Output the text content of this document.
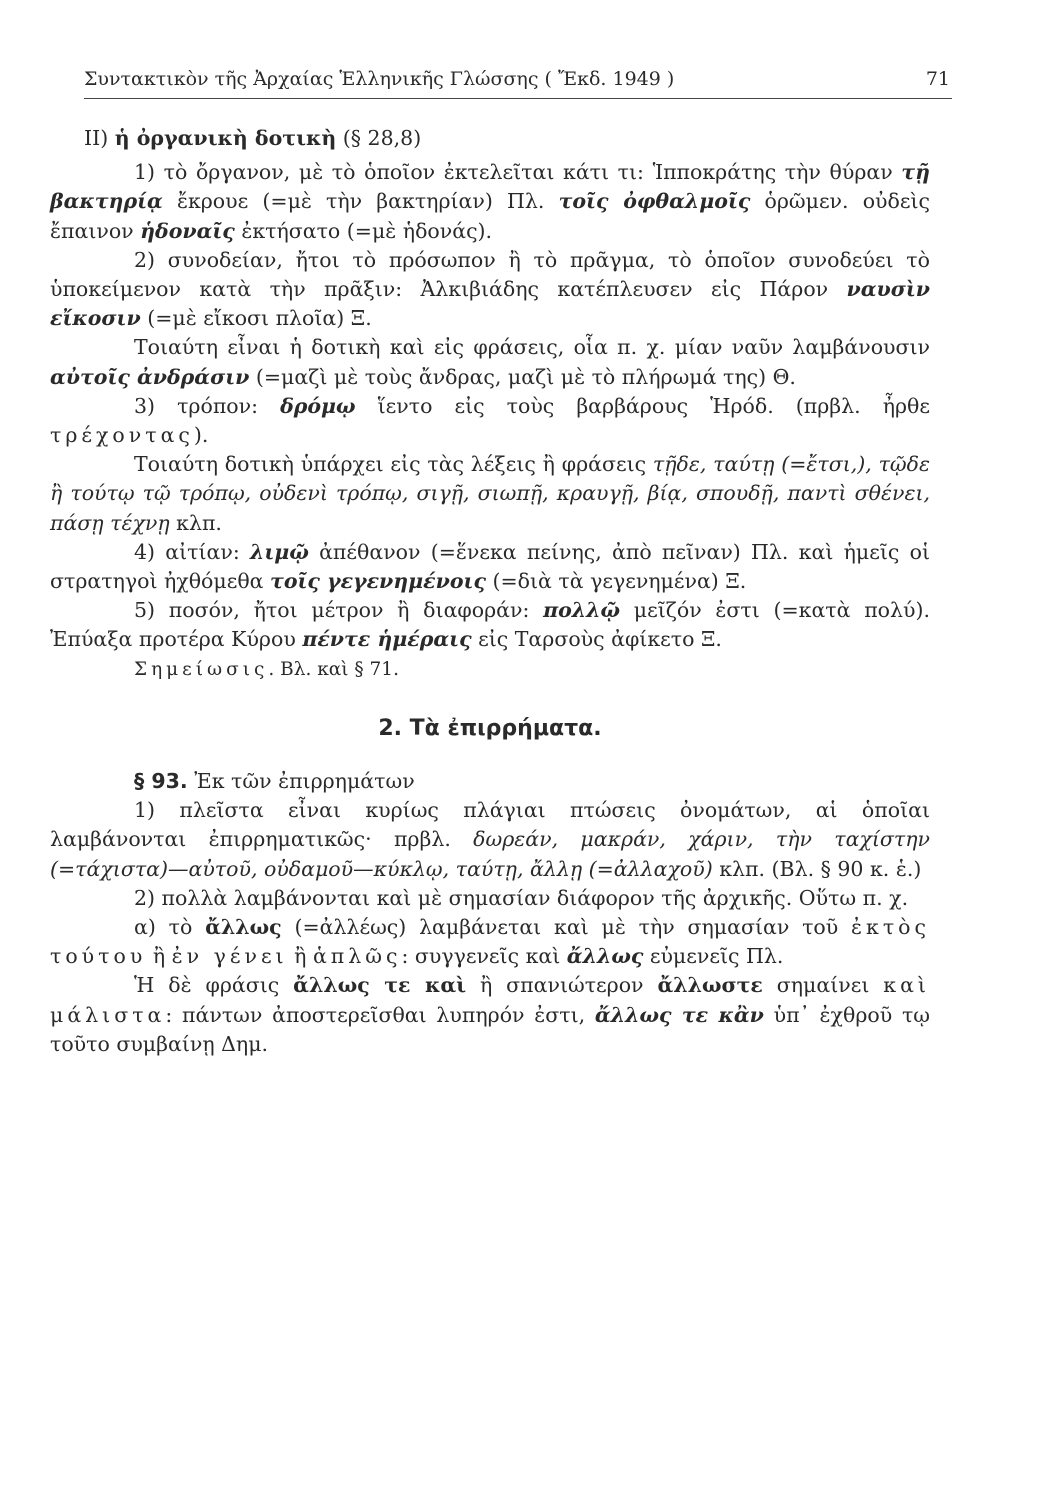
Συντακτικὸν τῆς Ἀρχαίας Ἑλληνικῆς Γλώσσης ( Ἔκδ. 1949 )	71

II) ἡ ὀργανικὴ δοτικὴ (§ 28,8)

1) τὸ ὄργανον, μὲ τὸ ὁποῖον ἐκτελεῖται κάτι τι: Ἱπποκράτης τὴν θύραν τῇ βακτηρίᾳ ἔκρουε (=μὲ τὴν βακτηρίαν) Πλ. τοῖς ὀφθαλμοῖς ὁρῶμεν. οὐδεὶς ἔπαινον ἡδοναῖς ἐκτήσατο (=μὲ ἡδονάς).

2) συνοδείαν, ἤτοι τὸ πρόσωπον ἢ τὸ πρᾶγμα, τὸ ὁποῖον συνοδεύει τὸ ὑποκείμενον κατὰ τὴν πρᾶξιν: Ἀλκιβιάδης κατέπλευσεν εἰς Πάρον ναυσὶν εἴκοσιν (=μὲ εἴκοσι πλοῖα) Ξ.

Τοιαύτη εἶναι ἡ δοτικὴ καὶ εἰς φράσεις, οἷα π. χ. μίαν ναῦν λαμβάνουσιν αὐτοῖς ἀνδράσιν (=μαζὶ μὲ τοὺς ἄνδρας, μαζὶ μὲ τὸ πλήρωμά της) Θ.

3) τρόπον: δρόμῳ ἵεντο εἰς τοὺς βαρβάρους Ἡρόδ. (πρβλ. ἦρθε τρέχοντας).

Τοιαύτη δοτικὴ ὑπάρχει εἰς τὰς λέξεις ἢ φράσεις τῇδε, ταύτῃ (=ἔτσι,), τῷδε ἢ τούτῳ τῷ τρόπῳ, οὐδενὶ τρόπῳ, σιγῇ, σιωπῇ, κραυγῇ, βίᾳ, σπουδῇ, παντὶ σθένει, πάσῃ τέχνῃ κλπ.

4) αἰτίαν: λιμῷ ἀπέθανον (=ἕνεκα πείνης, ἀπὸ πεῖναν) Πλ. καὶ ἡμεῖς οἱ στρατηγοὶ ἠχθόμεθα τοῖς γεγενημένοις (=διὰ τὰ γεγενημένα) Ξ.

5) ποσόν, ἤτοι μέτρον ἢ διαφοράν: πολλῷ μεῖζόν ἐστι (=κατὰ πολύ). Ἐπύαξα προτέρα Κύρου πέντε ἡμέραις εἰς Ταρσοὺς ἀφίκετο Ξ.

Σημείωσις. Βλ. καὶ § 71.

2. Τὰ ἐπιρρήματα.

§ 93. Ἐκ τῶν ἐπιρρημάτων

1) πλεῖστα εἶναι κυρίως πλάγιαι πτώσεις ὀνομάτων, αἱ ὁποῖαι λαμβάνονται ἐπιρρηματικῶς· πρβλ. δωρεάν, μακράν, χάριν, τὴν ταχίστην (=τάχιστα)—αὐτοῦ, οὐδαμοῦ—κύκλῳ, ταύτῃ, ἄλλῃ (=ἀλλαχοῦ) κλπ. (Βλ. § 90 κ. ἑ.)

2) πολλὰ λαμβάνονται καὶ μὲ σημασίαν διάφορον τῆς ἀρχικῆς. Οὕτω π. χ.

α) τὸ ἄλλως (=ἀλλέως) λαμβάνεται καὶ μὲ τὴν σημασίαν τοῦ ἐκτὸς τούτου ἢ ἐν γένει ἢ ἁπλῶς: συγγενεῖς καὶ ἄλλως εὐμενεῖς Πλ.

Ἡ δὲ φράσις ἄλλως τε καὶ ἢ σπανιώτερον ἄλλωστε σημαίνει καὶ μάλιστα: πάντων ἀποστερεῖσθαι λυπηρόν ἐστι, ἄλλως τε κἂν ὑπ᾽ ἐχθροῦ τῳ τοῦτο συμβαίνῃ Δημ.
